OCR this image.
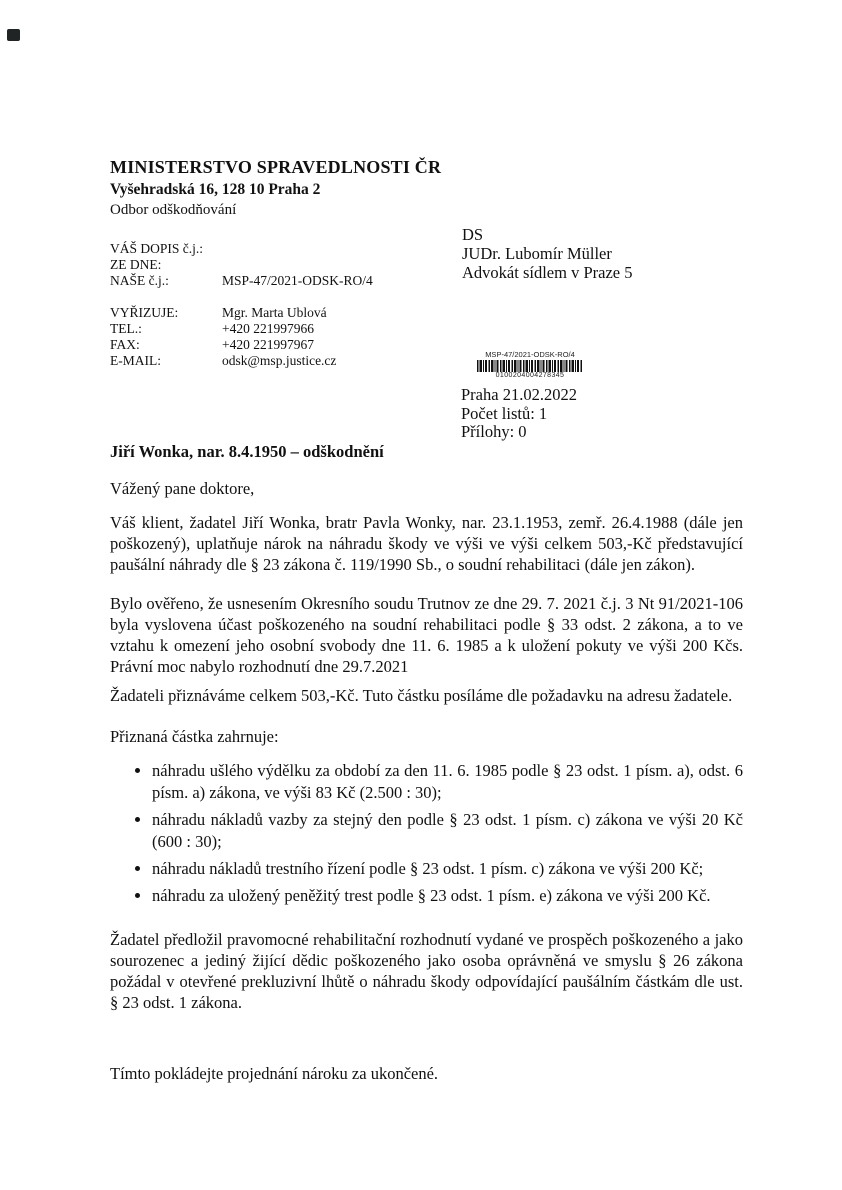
MINISTERSTVO SPRAVEDLNOSTI ČR
Vyšehradská 16, 128 10 Praha 2
Odbor odškodňování
VÁŠ DOPIS č.j.:
ZE DNE:
NAŠE č.j.:	MSP-47/2021-ODSK-RO/4
DS
JUDr. Lubomír Müller
Advokát sídlem v Praze 5
VYŘIZUJE:	Mgr. Marta Ublová
TEL.:	+420 221997966
FAX:	+420 221997967
E-MAIL:	odsk@msp.justice.cz	MSP-47/2021-ODSK-RO/4
0100204004278345
Praha 21.02.2022
Počet listů: 1
Přílohy: 0
Jiří Wonka, nar. 8.4.1950 – odškodnění
Vážený pane doktore,

Váš klient, žadatel Jiří Wonka, bratr Pavla Wonky, nar. 23.1.1953, zemř. 26.4.1988 (dále jen poškozený), uplatňuje nárok na náhradu škody ve výši ve výši celkem 503,-Kč představující paušální náhrady dle § 23 zákona č. 119/1990 Sb., o soudní rehabilitaci (dále jen zákon).

Bylo ověřeno, že usnesením Okresního soudu Trutnov ze dne 29. 7. 2021 č.j. 3 Nt 91/2021-106 byla vyslovena účast poškozeného na soudní rehabilitaci podle § 33 odst. 2 zákona, a to ve vztahu k omezení jeho osobní svobody dne 11. 6. 1985 a k uložení pokuty ve výši 200 Kčs. Právní moc nabylo rozhodnutí dne 29.7.2021

Žadateli přiznáváme celkem 503,-Kč. Tuto částku posíláme dle požadavku na adresu žadatele.

Přiznaná částka zahrnuje:
• náhradu ušlého výdělku za období za den 11. 6. 1985 podle § 23 odst. 1 písm. a), odst. 6 písm. a) zákona, ve výši 83 Kč (2.500 : 30);
• náhradu nákladů vazby za stejný den podle § 23 odst. 1 písm. c) zákona ve výši 20 Kč (600 : 30);
• náhradu nákladů trestního řízení podle § 23 odst. 1 písm. c) zákona ve výši 200 Kč;
• náhradu za uložený peněžitý trest podle § 23 odst. 1 písm. e) zákona ve výši 200 Kč.

Žadatel předložil pravomocné rehabilitační rozhodnutí vydané ve prospěch poškozeného a jako sourozenec a jediný žijící dědic poškozeného jako osoba oprávněná ve smyslu § 26 zákona požádal v otevřené prekluzivní lhůtě o náhradu škody odpovídající paušálním částkám dle ust. § 23 odst. 1 zákona.

Tímto pokládejte projednání nároku za ukončené.
